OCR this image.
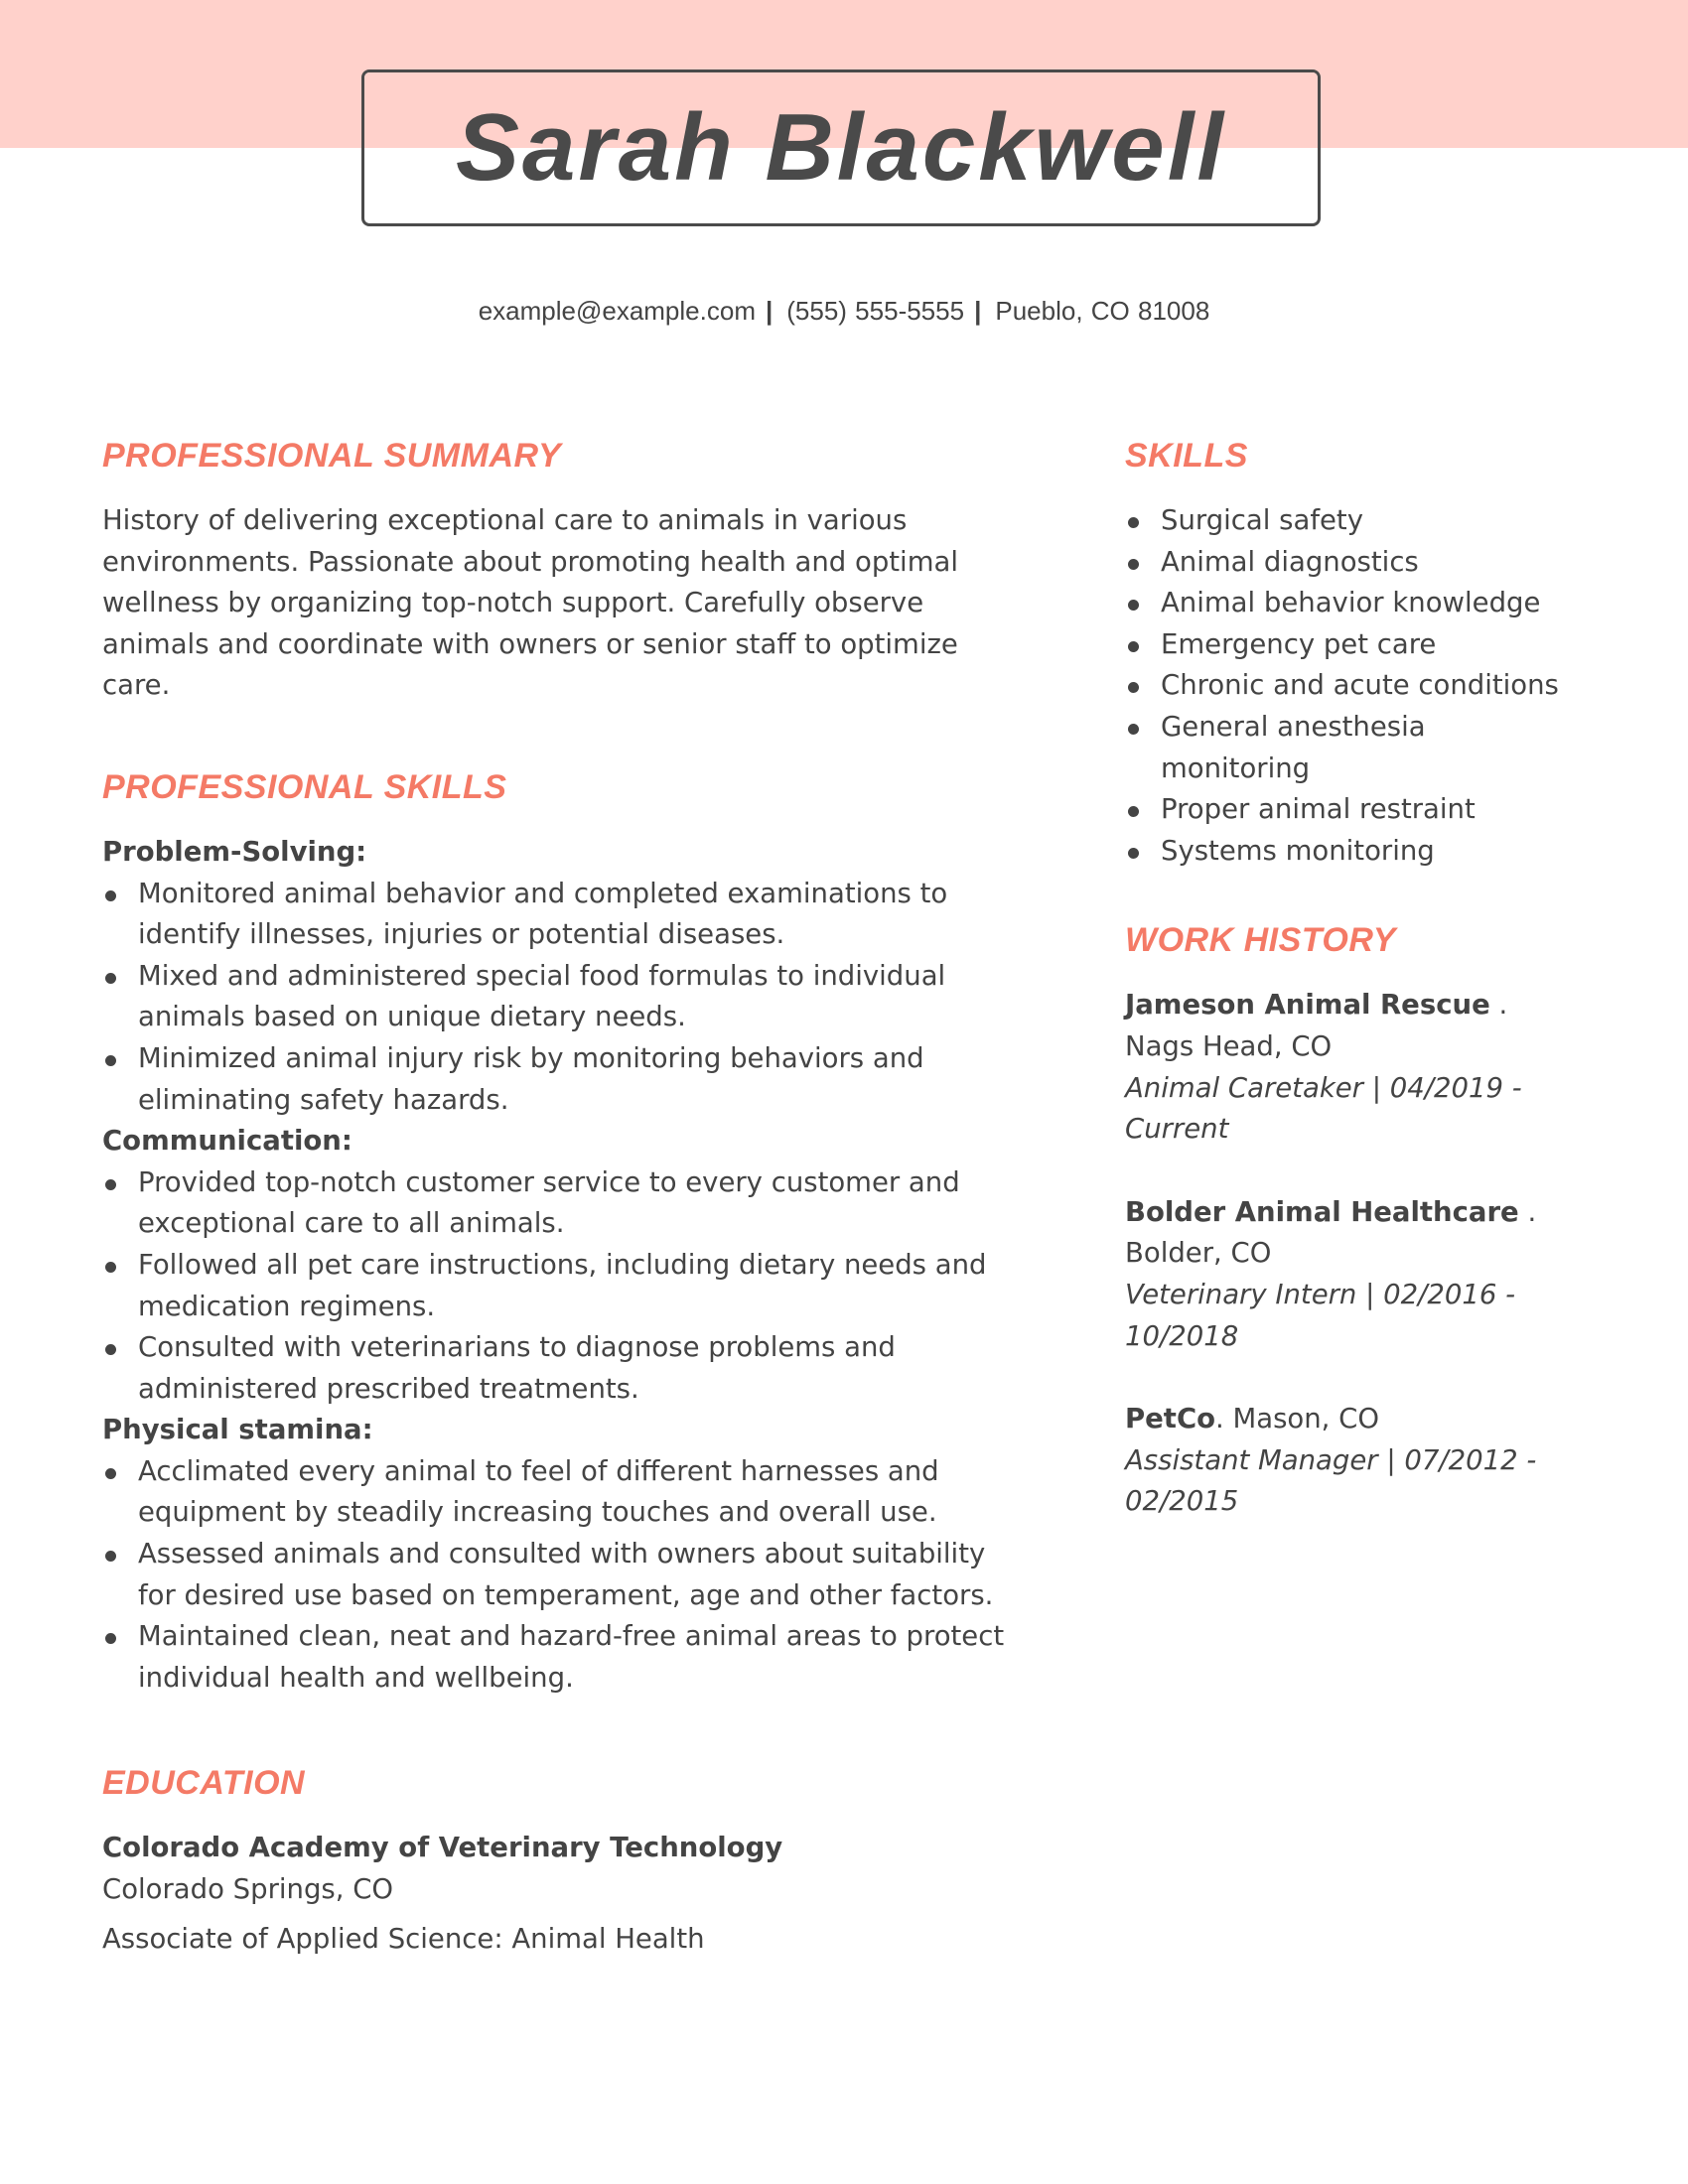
Sarah Blackwell
example@example.com | (555) 555-5555 | Pueblo, CO 81008
PROFESSIONAL SUMMARY

History of delivering exceptional care to animals in various environments. Passionate about promoting health and optimal wellness by organizing top-notch support. Carefully observe animals and coordinate with owners or senior staff to optimize care.

PROFESSIONAL SKILLS

Problem-Solving:

Monitored animal behavior and completed examinations to identify illnesses, injuries or potential diseases.
Mixed and administered special food formulas to individual animals based on unique dietary needs.
Minimized animal injury risk by monitoring behaviors and eliminating safety hazards.

Communication:

Provided top-notch customer service to every customer and exceptional care to all animals.
Followed all pet care instructions, including dietary needs and medication regimens.
Consulted with veterinarians to diagnose problems and administered prescribed treatments.

Physical stamina:

Acclimated every animal to feel of different harnesses and equipment by steadily increasing touches and overall use.
Assessed animals and consulted with owners about suitability for desired use based on temperament, age and other factors.
Maintained clean, neat and hazard-free animal areas to protect individual health and wellbeing.
EDUCATION

Colorado Academy of Veterinary Technology

Colorado Springs, CO

Associate of Applied Science: Animal Health

SKILLS
Surgical safety
Animal diagnostics
Animal behavior knowledge
Emergency pet care
Chronic and acute conditions
General anesthesia monitoring
Proper animal restraint
Systems monitoring
WORK HISTORY

Jameson Animal Rescue .

Nags Head, CO

Animal Caretaker | 04/2019 - Current

Bolder Animal Healthcare .

Bolder, CO

Veterinary Intern | 02/2016 - 10/2018

PetCo. Mason, CO

Assistant Manager | 07/2012 - 02/2015
